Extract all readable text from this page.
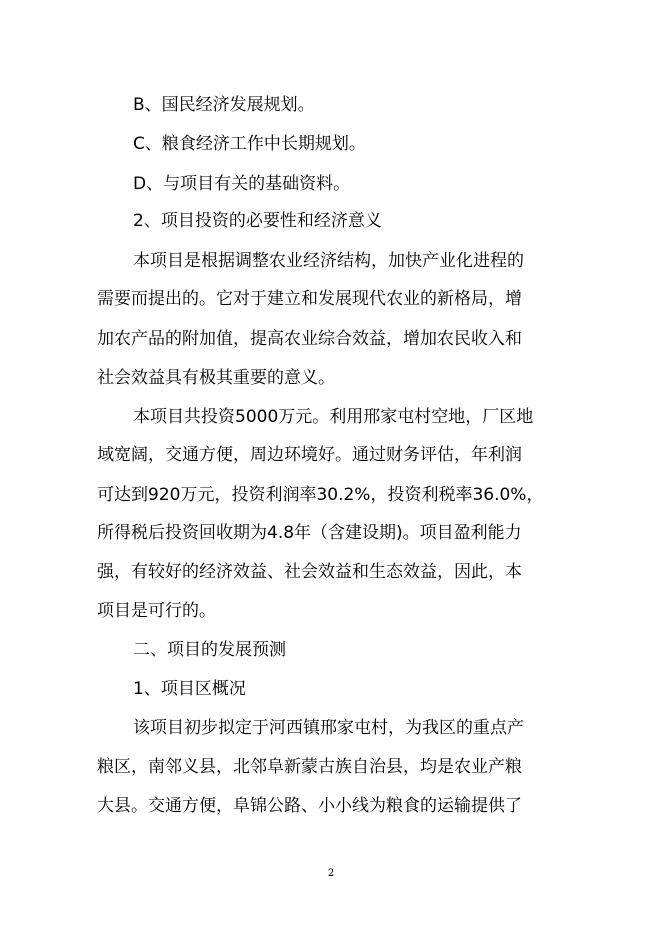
B、国民经济发展规划。
C、粮食经济工作中长期规划。
D、与项目有关的基础资料。
2、项目投资的必要性和经济意义
本项目是根据调整农业经济结构，加快产业化进程的
需要而提出的。它对于建立和发展现代农业的新格局，增
加农产品的附加值，提高农业综合效益，增加农民收入和
社会效益具有极其重要的意义。
本项目共投资5000万元。利用邢家屯村空地，厂区地
域宽阔，交通方便，周边环境好。通过财务评估，年利润
可达到920万元，投资利润率30.2%，投资利税率36.0%，
所得税后投资回收期为4.8年（含建设期)。项目盈利能力
强，有较好的经济效益、社会效益和生态效益，因此，本
项目是可行的。
二、项目的发展预测
1、项目区概况
该项目初步拟定于河西镇邢家屯村，为我区的重点产
粮区，南邻义县，北邻阜新蒙古族自治县，均是农业产粮
大县。交通方便，阜锦公路、小小线为粮食的运输提供了
2
